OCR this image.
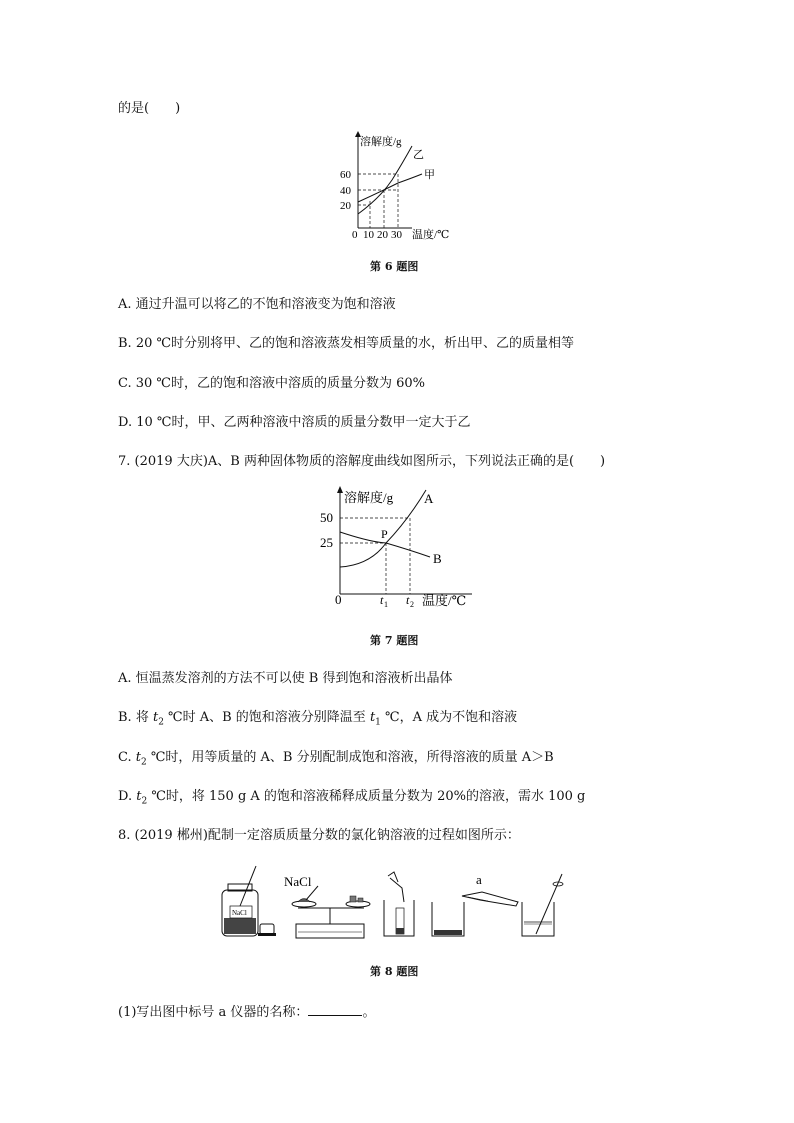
的是(　　)
溶解度/g
60
40
20
0 10 20 30 温度/℃
乙
甲
第 6 题图
A. 通过升温可以将乙的不饱和溶液变为饱和溶液
B. 20 ℃时分别将甲、乙的饱和溶液蒸发相等质量的水，析出甲、乙的质量相等
C. 30 ℃时，乙的饱和溶液中溶质的质量分数为 60%
D. 10 ℃时，甲、乙两种溶液中溶质的质量分数甲一定大于乙
7. (2019 大庆)A、B 两种固体物质的溶解度曲线如图所示，下列说法正确的是(　　)
溶解度/g
50
25
0	t 1 t 2 温度/℃
P
A
B
第 7 题图
A. 恒温蒸发溶剂的方法不可以使 B 得到饱和溶液析出晶体
B. 将 $t_2$ ℃时 A、B 的饱和溶液分别降温至 $t_1$ ℃，A 成为不饱和溶液
C. $t_2$ ℃时，用等质量的 A、B 分别配制成饱和溶液，所得溶液的质量 A＞B
D. $t_2$ ℃时，将 150 g A 的饱和溶液稀释成质量分数为 20%的溶液，需水 100 g
8. (2019 郴州)配制一定溶质质量分数的氯化钠溶液的过程如图所示：
NaCl
NaCl	a
第 8 题图
(1)写出图中标号 a 仪器的名称：	。
